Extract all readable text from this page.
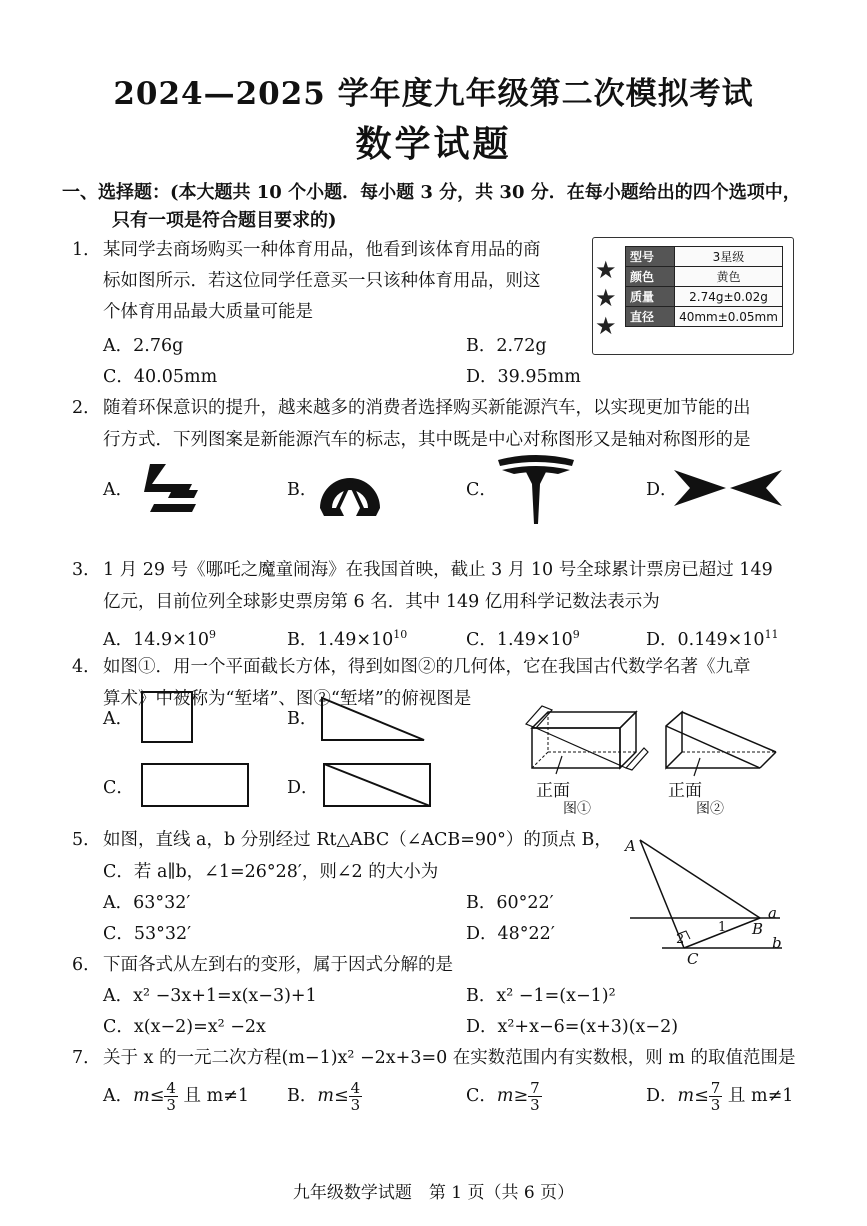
2024—2025 学年度九年级第二次模拟考试
数学试题
一、选择题：(本大题共 10 个小题．每小题 3 分，共 30 分．在每小题给出的四个选项中，
只有一项是符合题目要求的)
1． 某同学去商场购买一种体育用品，他看到该体育用品的商
标如图所示．若这位同学任意买一只该种体育用品，则这
个体育用品最大质量可能是
A．2.76g	B．2.72g
C．40.05mm	D．39.95mm
★
★
★
型号	3星级
颜色	黄色
质量	2.74g±0.02g
直径	40mm±0.05mm
2． 随着环保意识的提升，越来越多的消费者选择购买新能源汽车，以实现更加节能的出
行方式．下列图案是新能源汽车的标志，其中既是中心对称图形又是轴对称图形的是
A．	B．	C．	D．
3． 1 月 29 号《哪吒之魔童闹海》在我国首映，截止 3 月 10 号全球累计票房已超过 149
亿元，目前位列全球影史票房第 6 名．其中 149 亿用科学记数法表示为
A．$14.9\times 10^9$	B．$1.49\times 10^{10}$	C．$1.49\times 10^9$	D．$0.149\times 10^{11}$
4． 如图①．用一个平面截长方体，得到如图②的几何体，它在我国古代数学名著《九章
算术》中被称为“堑堵”、图②“堑堵”的俯视图是
A．	B．
C．	D．	正面
图①
正面
图②
5． 如图，直线 a，b 分别经过 Rt△ABC（∠ACB=90°）的顶点 B，
C．若 a∥b，∠1=26°28′，则∠2 的大小为
A．63°32′	B．60°22′
C．53°32′	D．48°22′
A
B
C
a
b
1
2
6． 下面各式从左到右的变形，属于因式分解的是
A．x² −3x+1=x(x−3)+1	B．x² −1=(x−1)²
C．x(x−2)=x² −2x	D．x²+x−6=(x+3)(x−2)
7． 关于 x 的一元二次方程(m−1)x² −2x+3=0 在实数范围内有实数根，则 m 的取值范围是
A．$m\le \frac{4}{3}$ 且 m≠1 B．$m\le \frac{4}{3}$	C．$m\ge \frac{7}{3}$	D．$m\le \frac{7}{3}$ 且 m≠1
九年级数学试题　第 1 页（共 6 页）
